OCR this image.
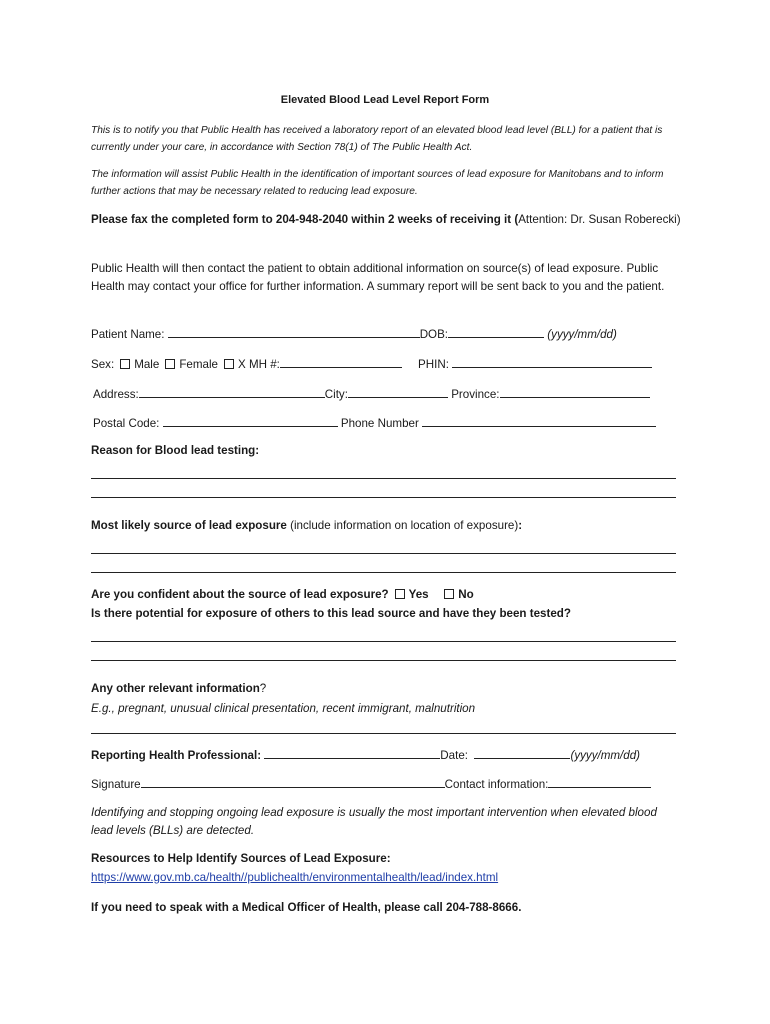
Elevated Blood Lead Level Report Form
This is to notify you that Public Health has received a laboratory report of an elevated blood lead level (BLL) for a patient that is currently under your care, in accordance with Section 78(1) of The Public Health Act.
The information will assist Public Health in the identification of important sources of lead exposure for Manitobans and to inform further actions that may be necessary related to reducing lead exposure.
Please fax the completed form to 204-948-2040 within 2 weeks of receiving it (Attention: Dr. Susan Roberecki)
Public Health will then contact the patient to obtain additional information on source(s) of lead exposure. Public Health may contact your office for further information. A summary report will be sent back to you and the patient.
Patient Name:	DOB:	(yyyy/mm/dd)
Sex: Male Female X MH #:	PHIN:
Address:	City:	Province:
Postal Code:	Phone Number
Reason for Blood lead testing:
Most likely source of lead exposure (include information on location of exposure):
Are you confident about the source of lead exposure? Yes	No
Is there potential for exposure of others to this lead source and have they been tested?
Any other relevant information?
E.g., pregnant, unusual clinical presentation, recent immigrant, malnutrition
Reporting Health Professional:	Date:	(yyyy/mm/dd)
Signature	Contact information:
Identifying and stopping ongoing lead exposure is usually the most important intervention when elevated blood lead levels (BLLs) are detected.
Resources to Help Identify Sources of Lead Exposure:
https://www.gov.mb.ca/health//publichealth/environmentalhealth/lead/index.html
If you need to speak with a Medical Officer of Health, please call 204-788-8666.
